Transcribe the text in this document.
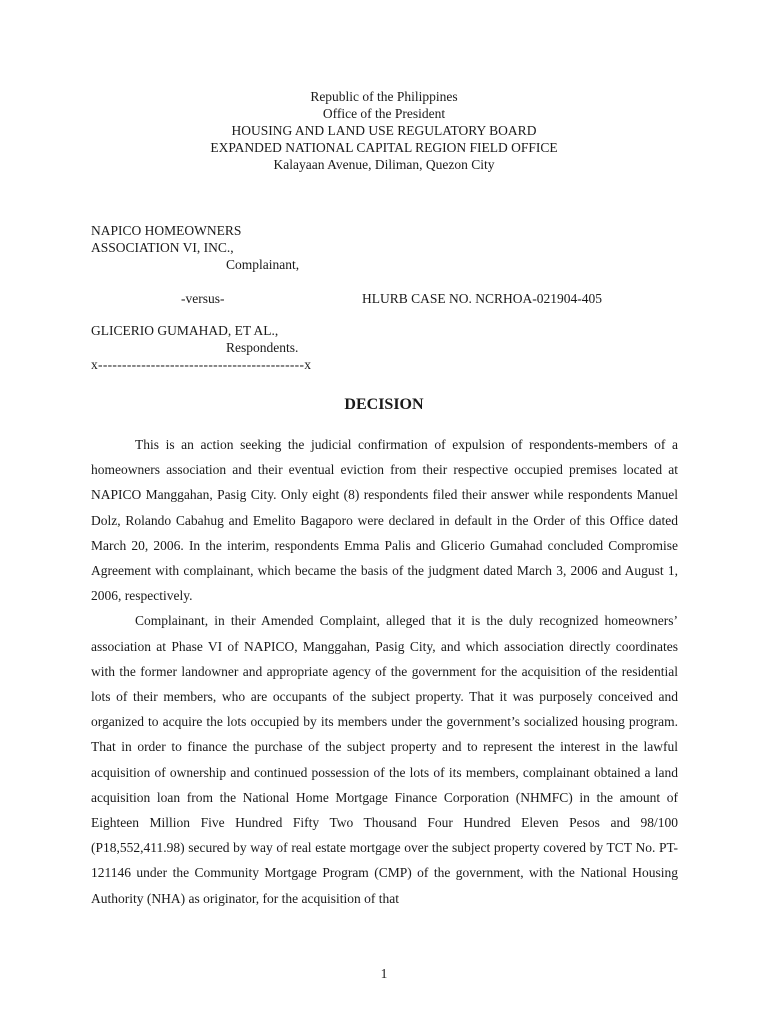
Republic of the Philippines
Office of the President
HOUSING AND LAND USE REGULATORY BOARD
EXPANDED NATIONAL CAPITAL REGION FIELD OFFICE
Kalayaan Avenue, Diliman, Quezon City
NAPICO HOMEOWNERS
ASSOCIATION VI, INC.,
Complainant,
-versus-	HLURB CASE NO. NCRHOA-021904-405
GLICERIO GUMAHAD, ET AL.,
Respondents.
x-------------------------------------------x
DECISION

This is an action seeking the judicial confirmation of expulsion of respondents-members of a homeowners association and their eventual eviction from their respective occupied premises located at NAPICO Manggahan, Pasig City. Only eight (8) respondents filed their answer while respondents Manuel Dolz, Rolando Cabahug and Emelito Bagaporo were declared in default in the Order of this Office dated March 20, 2006. In the interim, respondents Emma Palis and Glicerio Gumahad concluded Compromise Agreement with complainant, which became the basis of the judgment dated March 3, 2006 and August 1, 2006, respectively.

Complainant, in their Amended Complaint, alleged that it is the duly recognized homeowners’ association at Phase VI of NAPICO, Manggahan, Pasig City, and which association directly coordinates with the former landowner and appropriate agency of the government for the acquisition of the residential lots of their members, who are occupants of the subject property. That it was purposely conceived and organized to acquire the lots occupied by its members under the government’s socialized housing program. That in order to finance the purchase of the subject property and to represent the interest in the lawful acquisition of ownership and continued possession of the lots of its members, complainant obtained a land acquisition loan from the National Home Mortgage Finance Corporation (NHMFC) in the amount of Eighteen Million Five Hundred Fifty Two Thousand Four Hundred Eleven Pesos and 98/100 (P18,552,411.98) secured by way of real estate mortgage over the subject property covered by TCT No. PT-121146 under the Community Mortgage Program (CMP) of the government, with the National Housing Authority (NHA) as originator, for the acquisition of that

1
